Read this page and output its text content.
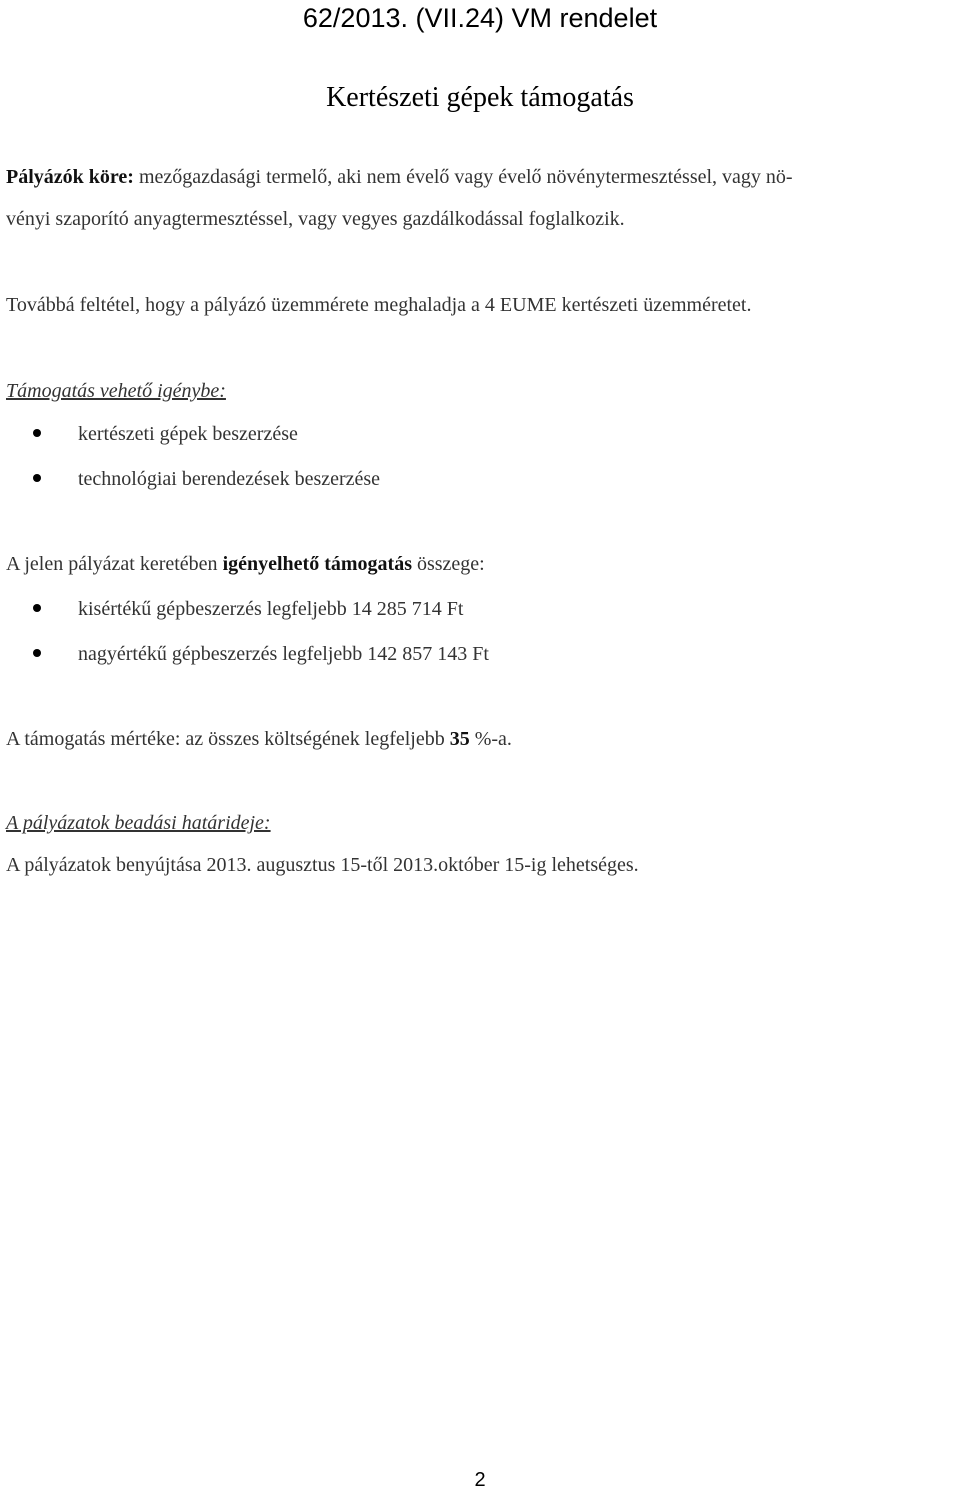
62/2013. (VII.24) VM rendelet
Kertészeti gépek támogatás
Pályázók köre: mezőgazdasági termelő, aki nem évelő vagy évelő növénytermesztéssel, vagy nö-
vényi szaporító anyagtermesztéssel, vagy vegyes gazdálkodással foglalkozik.
Továbbá feltétel, hogy a pályázó üzemmérete meghaladja a 4 EUME kertészeti üzemméretet.
Támogatás vehető igénybe:
kertészeti gépek beszerzése
technológiai berendezések beszerzése
A jelen pályázat keretében igényelhető támogatás összege:
kisértékű gépbeszerzés legfeljebb 14 285 714 Ft
nagyértékű gépbeszerzés legfeljebb 142 857 143 Ft
A támogatás mértéke: az összes költségének legfeljebb 35 %-a.
A pályázatok beadási határideje:
A pályázatok benyújtása 2013. augusztus 15-től 2013.október 15-ig lehetséges.
2
